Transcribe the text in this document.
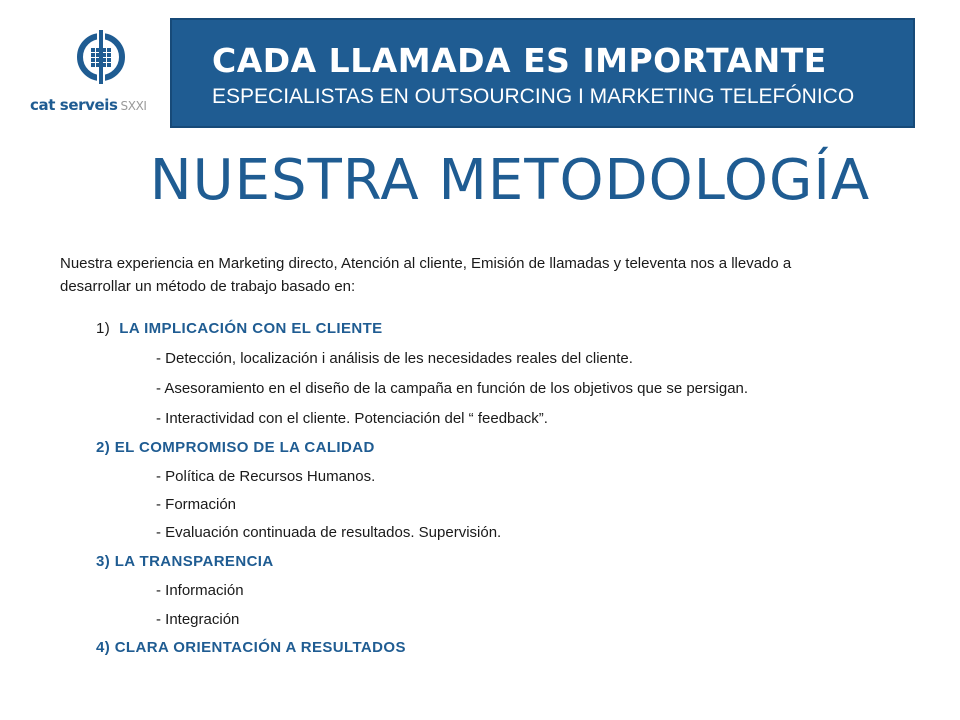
cat serveis SXXI
CADA LLAMADA ES IMPORTANTE
ESPECIALISTAS EN OUTSOURCING I MARKETING TELEFÓNICO
NUESTRA METODOLOGÍA
Nuestra experiencia en Marketing directo, Atención al cliente, Emisión de llamadas y televenta nos a llevado a
desarrollar un método de trabajo basado en:
1) LA IMPLICACIÓN CON EL CLIENTE
- Detección, localización i análisis de les necesidades reales del cliente.
- Asesoramiento en el diseño de la campaña en función de los objetivos que se persigan.
- Interactividad con el cliente. Potenciación del “ feedback”.
2) EL COMPROMISO DE LA CALIDAD
- Política de Recursos Humanos.
- Formación
- Evaluación continuada de resultados. Supervisión.
3) LA TRANSPARENCIA
- Información
- Integración
4) CLARA ORIENTACIÓN A RESULTADOS
